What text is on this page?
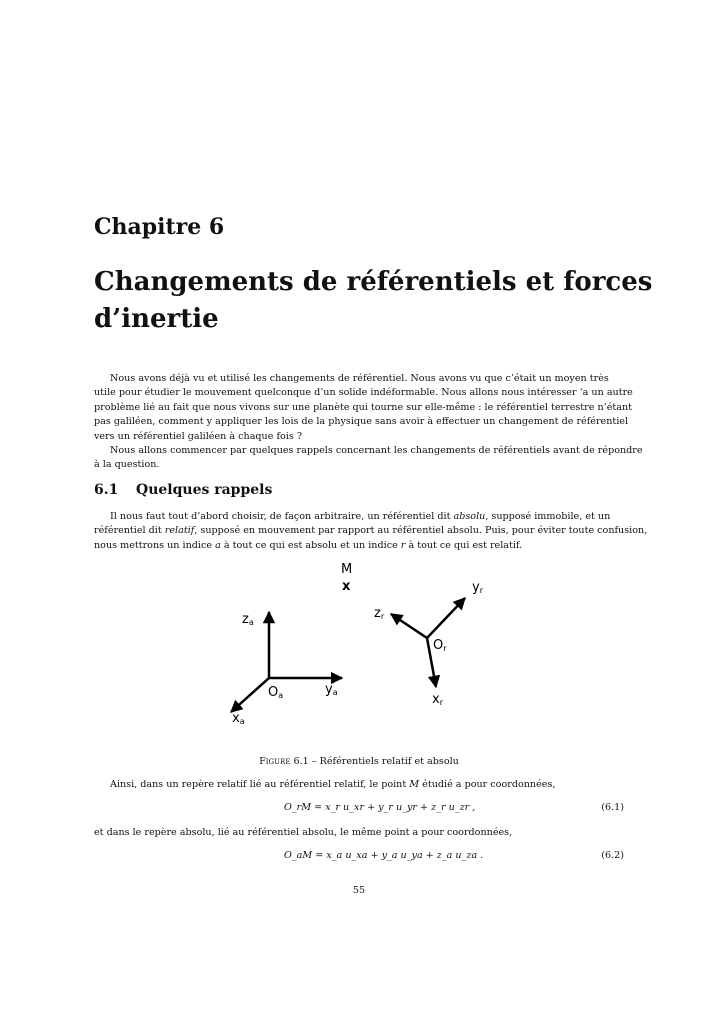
Chapitre 6
Changements de référentiels et forces
d’inertie
Nous avons déjà vu et utilisé les changements de référentiel. Nous avons vu que c’était un moyen très
utile pour étudier le mouvement quelconque d’un solide indéformable. Nous allons nous intéresser ‘a un autre
problème lié au fait que nous vivons sur une planète qui tourne sur elle-même : le référentiel terrestre n’étant
pas galiléen, comment y appliquer les lois de la physique sans avoir à effectuer un changement de référentiel
vers un référentiel galiléen à chaque fois ?
Nous allons commencer par quelques rappels concernant les changements de référentiels avant de répondre
à la question.
6.1 Quelques rappels
Il nous faut tout d’abord choisir, de façon arbitraire, un référentiel dit absolu, supposé immobile, et un
référentiel dit relatif, supposé en mouvement par rapport au référentiel absolu. Puis, pour éviter toute confusion,
nous mettrons un indice a à tout ce qui est absolu et un indice r à tout ce qui est relatif.
M
x
za
ya
Oa
xa
yr
zr
Or
xr
Figure 6.1 – Référentiels relatif et absolu
Ainsi, dans un repère relatif lié au référentiel relatif, le point M étudié a pour coordonnées,
O_rM = x_r u_xr + y_r u_yr + z_r u_zr ,	(6.1)
et dans le repère absolu, lié au référentiel absolu, le même point a pour coordonnées,
O_aM = x_a u_xa + y_a u_ya + z_a u_za .	(6.2)
55
